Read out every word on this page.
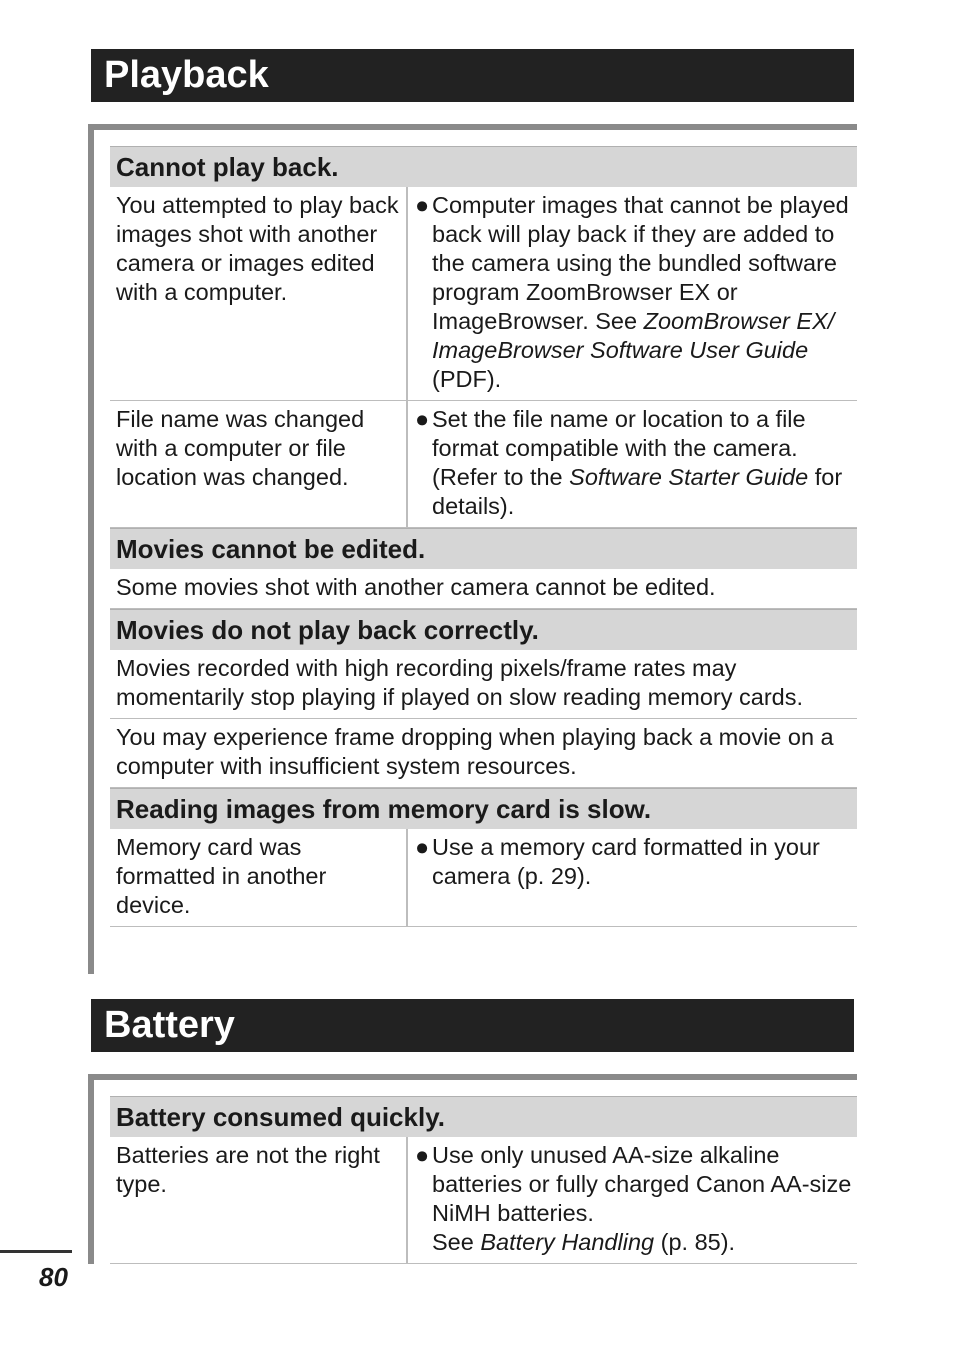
Playback
Cannot play back.
You attempted to play back images shot with another camera or images edited with a computer.
● Computer images that cannot be played back will play back if they are added to the camera using the bundled software program ZoomBrowser EX or ImageBrowser. See ZoomBrowser EX/ ImageBrowser Software User Guide (PDF).
File name was changed with a computer or file location was changed.
● Set the file name or location to a file format compatible with the camera. (Refer to the Software Starter Guide for details).
Movies cannot be edited.
Some movies shot with another camera cannot be edited.
Movies do not play back correctly.
Movies recorded with high recording pixels/frame rates may momentarily stop playing if played on slow reading memory cards.
You may experience frame dropping when playing back a movie on a computer with insufficient system resources.
Reading images from memory card is slow.
Memory card was formatted in another device.
● Use a memory card formatted in your camera (p. 29).
Battery
Battery consumed quickly.
Batteries are not the right type.
● Use only unused AA-size alkaline batteries or fully charged Canon AA-size NiMH batteries.
See Battery Handling (p. 85).
80
